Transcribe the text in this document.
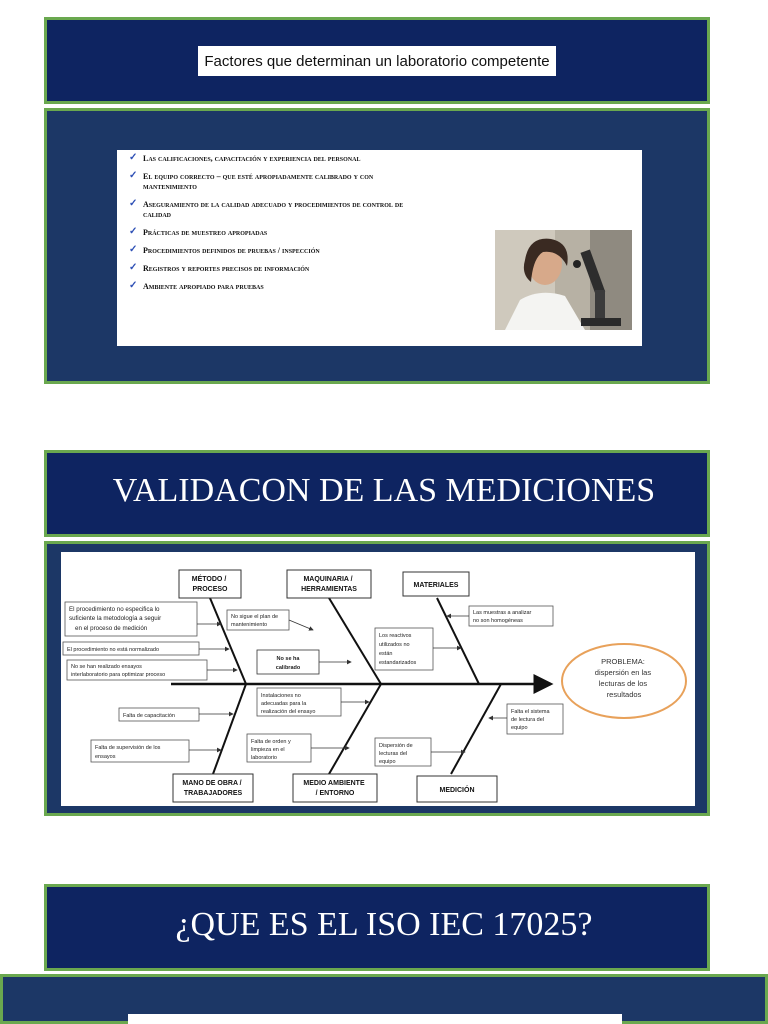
Factores que determinan un laboratorio competente
✓ Las calificaciones, capacitación y experiencia del personal
✓ El equipo correcto – que esté apropiadamente calibrado y con mantenimiento
✓ Aseguramiento de la calidad adecuado y procedimientos de control de calidad
✓ Prácticas de muestreo apropiadas
✓ Procedimientos definidos de pruebas / inspección
✓ Registros y reportes precisos de información
✓ Ambiente apropiado para pruebas
VALIDACON DE LAS MEDICIONES
PROBLEMA: dispersión en las lecturas de los resultados
MÉTODO / PROCESO
MAQUINARIA / HERRAMIENTAS
MATERIALES
MANO DE OBRA / TRABAJADORES
MEDIO AMBIENTE / ENTORNO	MEDICIÓN
El procedimiento no especifica lo suficiente la metodología a seguir en el proceso de medición
El procedimiento no está normalizado
No se han realizado ensayos interlaboratorio para optimizar proceso
No sigue el plan de mantenimiento
No se ha calibrado
Los reactivos utilizados no están estandarizados
Las muestras a analizar no son homogéneas
Falta de capacitación
Falta de supervisión de los ensayos
Instalaciones no adecuadas para la realización del ensayo
Falta de orden y limpieza en el laboratorio
Dispersión de lecturas del equipo
Falta el sistema de lectura del equipo
¿QUE ES EL ISO IEC 17025?
